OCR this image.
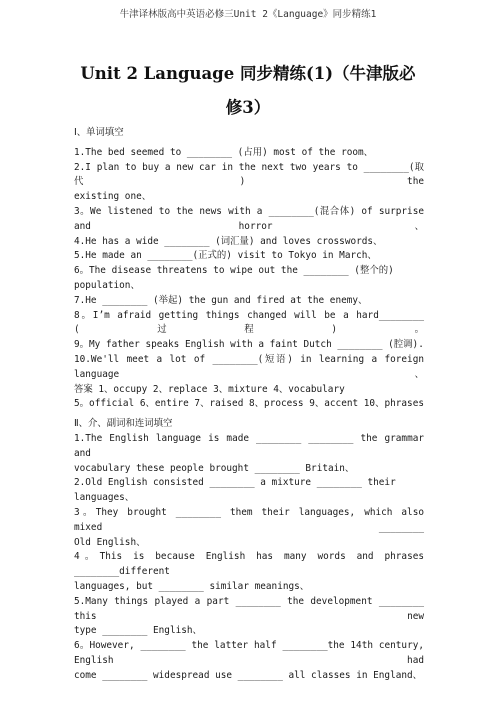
牛津译林版高中英语必修三Unit 2《Language》同步精练1
Unit 2 Language 同步精练(1)（牛津版必
修3）

Ⅰ、单词填空

1.The bed seemed to ________ (占用) most of the room、

2.I plan to buy a new car in the next two years to ________(取代) the

existing one、

3。We listened to the news with a ________(混合体) of surprise and horror、

4.He has a wide ________ (词汇量) and loves crosswords、

5.He made an ________(正式的) visit to Tokyo in March、

6。The disease threatens to wipe out the ________ (整个的) population、

7.He ________ (举起) the gun and fired at the enemy、

8。I’m afraid getting things changed will be a hard________ (过程)。

9。My father speaks English with a faint Dutch ________ (腔调).

10.We'll meet a lot of ________(短语) in learning a foreign language、

答案 1、occupy 2、replace 3、mixture 4、vocabulary

5。official 6、entire 7、raised 8、process 9、accent 10、phrases

Ⅱ、介、副词和连词填空

1.The English language is made ________ ________ the grammar and

vocabulary these people brought ________ Britain、

2.Old English consisted ________ a mixture ________ their languages、

3。They brought ________ them their languages, which also mixed ________

Old English、

4。This is because English has many words and phrases ________different

languages, but ________ similar meanings、

5.Many things played a part ________ the development ________ this new

type ________ English、

6。However, ________ the latter half ________the 14th century, English had

come ________ widespread use ________ all classes in England、
